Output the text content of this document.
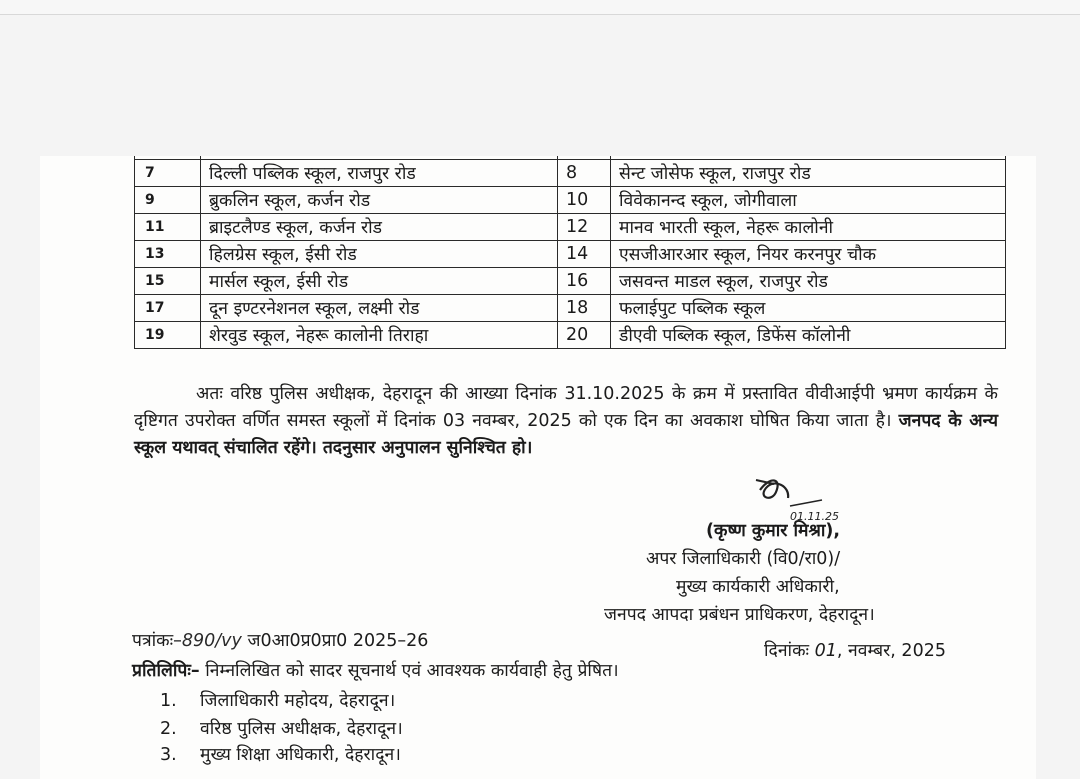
7	दिल्ली पब्लिक स्कूल, राजपुर रोड	8	सेन्ट जोसेफ स्कूल, राजपुर रोड
9	ब्रुकलिन स्कूल, कर्जन रोड	10	विवेकानन्द स्कूल, जोगीवाला
11	ब्राइटलैण्ड स्कूल, कर्जन रोड	12	मानव भारती स्कूल, नेहरू कालोनी
13	हिलग्रेस स्कूल, ईसी रोड	14	एसजीआरआर स्कूल, नियर करनपुर चौक
15	मार्सल स्कूल, ईसी रोड	16	जसवन्त माडल स्कूल, राजपुर रोड
17	दून इण्टरनेशनल स्कूल, लक्ष्मी रोड	18	फलाईपुट पब्लिक स्कूल
19	शेरवुड स्कूल, नेहरू कालोनी तिराहा	20	डीएवी पब्लिक स्कूल, डिफेंस कॉलोनी
अतः वरिष्ठ पुलिस अधीक्षक, देहरादून की आख्या दिनांक 31.10.2025 के क्रम में प्रस्तावित वीवीआईपी भ्रमण कार्यक्रम के दृष्टिगत उपरोक्त वर्णित समस्त स्कूलों में दिनांक 03 नवम्बर, 2025 को एक दिन का अवकाश घोषित किया जाता है। जनपद के अन्य स्कूल यथावत् संचालित रहेंगे। तदनुसार अनुपालन सुनिश्चित हो।
01.11.25
(कृष्ण कुमार मिश्रा),
अपर जिलाधिकारी (वि0/रा0)/
मुख्य कार्यकारी अधिकारी,
जनपद आपदा प्रबंधन प्राधिकरण, देहरादून।
पत्रांकः–890/vy ज0आ0प्र0प्रा0 2025–26	दिनांकः 01, नवम्बर, 2025
प्रतिलिपिः– निम्नलिखित को सादर सूचनार्थ एवं आवश्यक कार्यवाही हेतु प्रेषित।
1. जिलाधिकारी महोदय, देहरादून।
2. वरिष्ठ पुलिस अधीक्षक, देहरादून।
3. मुख्य शिक्षा अधिकारी, देहरादून।
